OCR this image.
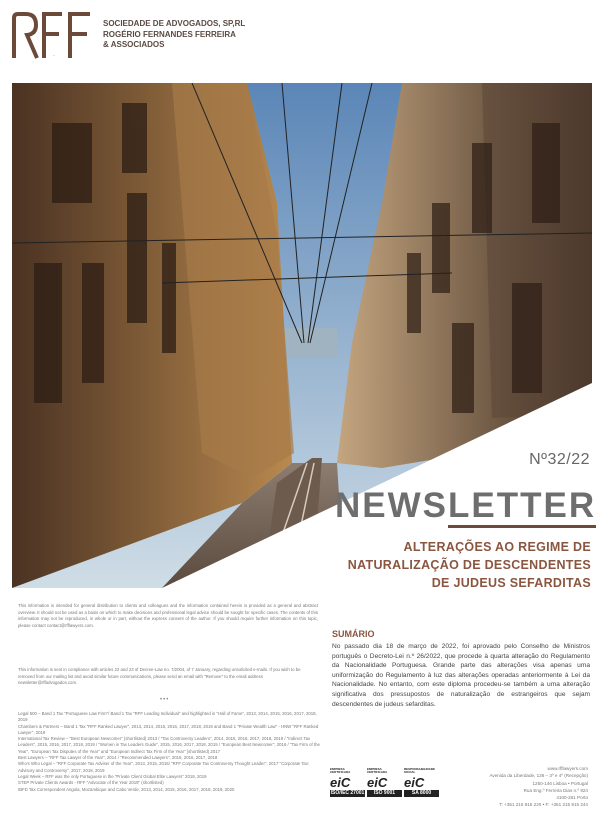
RFF
SOCIEDADE DE ADVOGADOS, SP,RL
ROGÉRIO FERNANDES FERREIRA
& ASSOCIADOS
Nº32/22
NEWSLETTER
ALTERAÇÕES AO REGIME DE
NATURALIZAÇÃO DE DESCENDENTES
DE JUDEUS SEFARDITAS
SUMÁRIO
No passado dia 18 de março de 2022, foi aprovado pelo Conselho de Ministros português o Decreto-Lei n.º 26/2022, que procede à quarta alteração do Regulamento da Nacionalidade Portuguesa. Grande parte das alterações visa apenas uma uniformização do Regulamento à luz das alterações operadas anteriormente à Lei da Nacionalidade. No entanto, com este diploma procedeu-se também a uma alteração significativa dos pressupostos de naturalização de estrangeiros que sejam descendentes de judeus sefarditas.
This information is intended for general distribution to clients and colleagues and the information contained herein is provided as a general and abstract overview. It should not be used as a basis on which to make decisions and professional legal advice should be sought for specific cases. The contents of this information may not be reproduced, in whole or in part, without the express consent of the author. If you should require further information on this topic, please contact contact@rfflawyers.com.
This information is sent in compliance with articles 22 and 23 of Decree-Law no. 7/2004, of 7 January, regarding unsolicited e-mails. If you wish to be removed from our mailing list and avoid similar future communications, please send an email with "Remove" to the email address newsletter@rffadvogados.com.
•••
Legal 500 – Band 1 Tax "Portuguese Law Firm"/ Band 1 Tax "RFF Leading Individual" and highlighted in "Hall of Fame", 2013, 2014, 2015, 2016, 2017, 2018, 2019
Chambers & Partners – Band 1 Tax "RFF Ranked Lawyer", 2013, 2014, 2015, 2016, 2017, 2018, 2019 and Band 1 "Private Wealth Law" - HNW "RFF Ranked Lawyer", 2019
International Tax Review – "Best European Newcomer" (shortlisted) 2013 / "Tax Controversy Leaders", 2014, 2015, 2016, 2017, 2018, 2019 / "Indirect Tax Leaders", 2015, 2016, 2017, 2018, 2019 / "Women in Tax Leaders Guide", 2015, 2016, 2017, 2018, 2019 / "European Best Newcomer", 2016 / "Tax Firm of the Year", "European Tax Disputes of the Year" and "European Indirect Tax Firm of the Year" (shortlisted) 2017
Best Lawyers – "RFF Tax Lawyer of the Year", 2014 / "Recommended Lawyers", 2015, 2016, 2017, 2018
Who's Who Legal – "RFF Corporate Tax Adviser of the Year", 2013, 2015, 2016/ "RFF Corporate Tax Controversy Thought Leader", 2017 "Corporate Tax: Advisory and Controversy", 2017, 2018, 2019
Legal Week – RFF was the only Portuguese in the "Private Client Global Elite Lawyers" 2018, 2019
STEP Private Clients Awards - RFF "Advocate of the Year 2019" (shortlisted)
IBFD Tax Correspondent Angola, Mozambique and Cabo Verde, 2013, 2014, 2015, 2016, 2017, 2018, 2019, 2020
EMPRESA CERTIFICADA
eiC
ISO/IEC 27001
EMPRESA CERTIFICADA
eiC
ISO 9001
RESPONSABILIDADE SOCIAL
eiC
SA 8000
www.rfflawyers.com
Avenida da Liberdade, 136 – 3º e 4º (Recepção)
1250-146 Lisboa • Portugal
Rua Eng.º Ferreira Dias n.º 924
4100-261 Porto
T: +351 215 915 220 • F: +351 215 915 244
